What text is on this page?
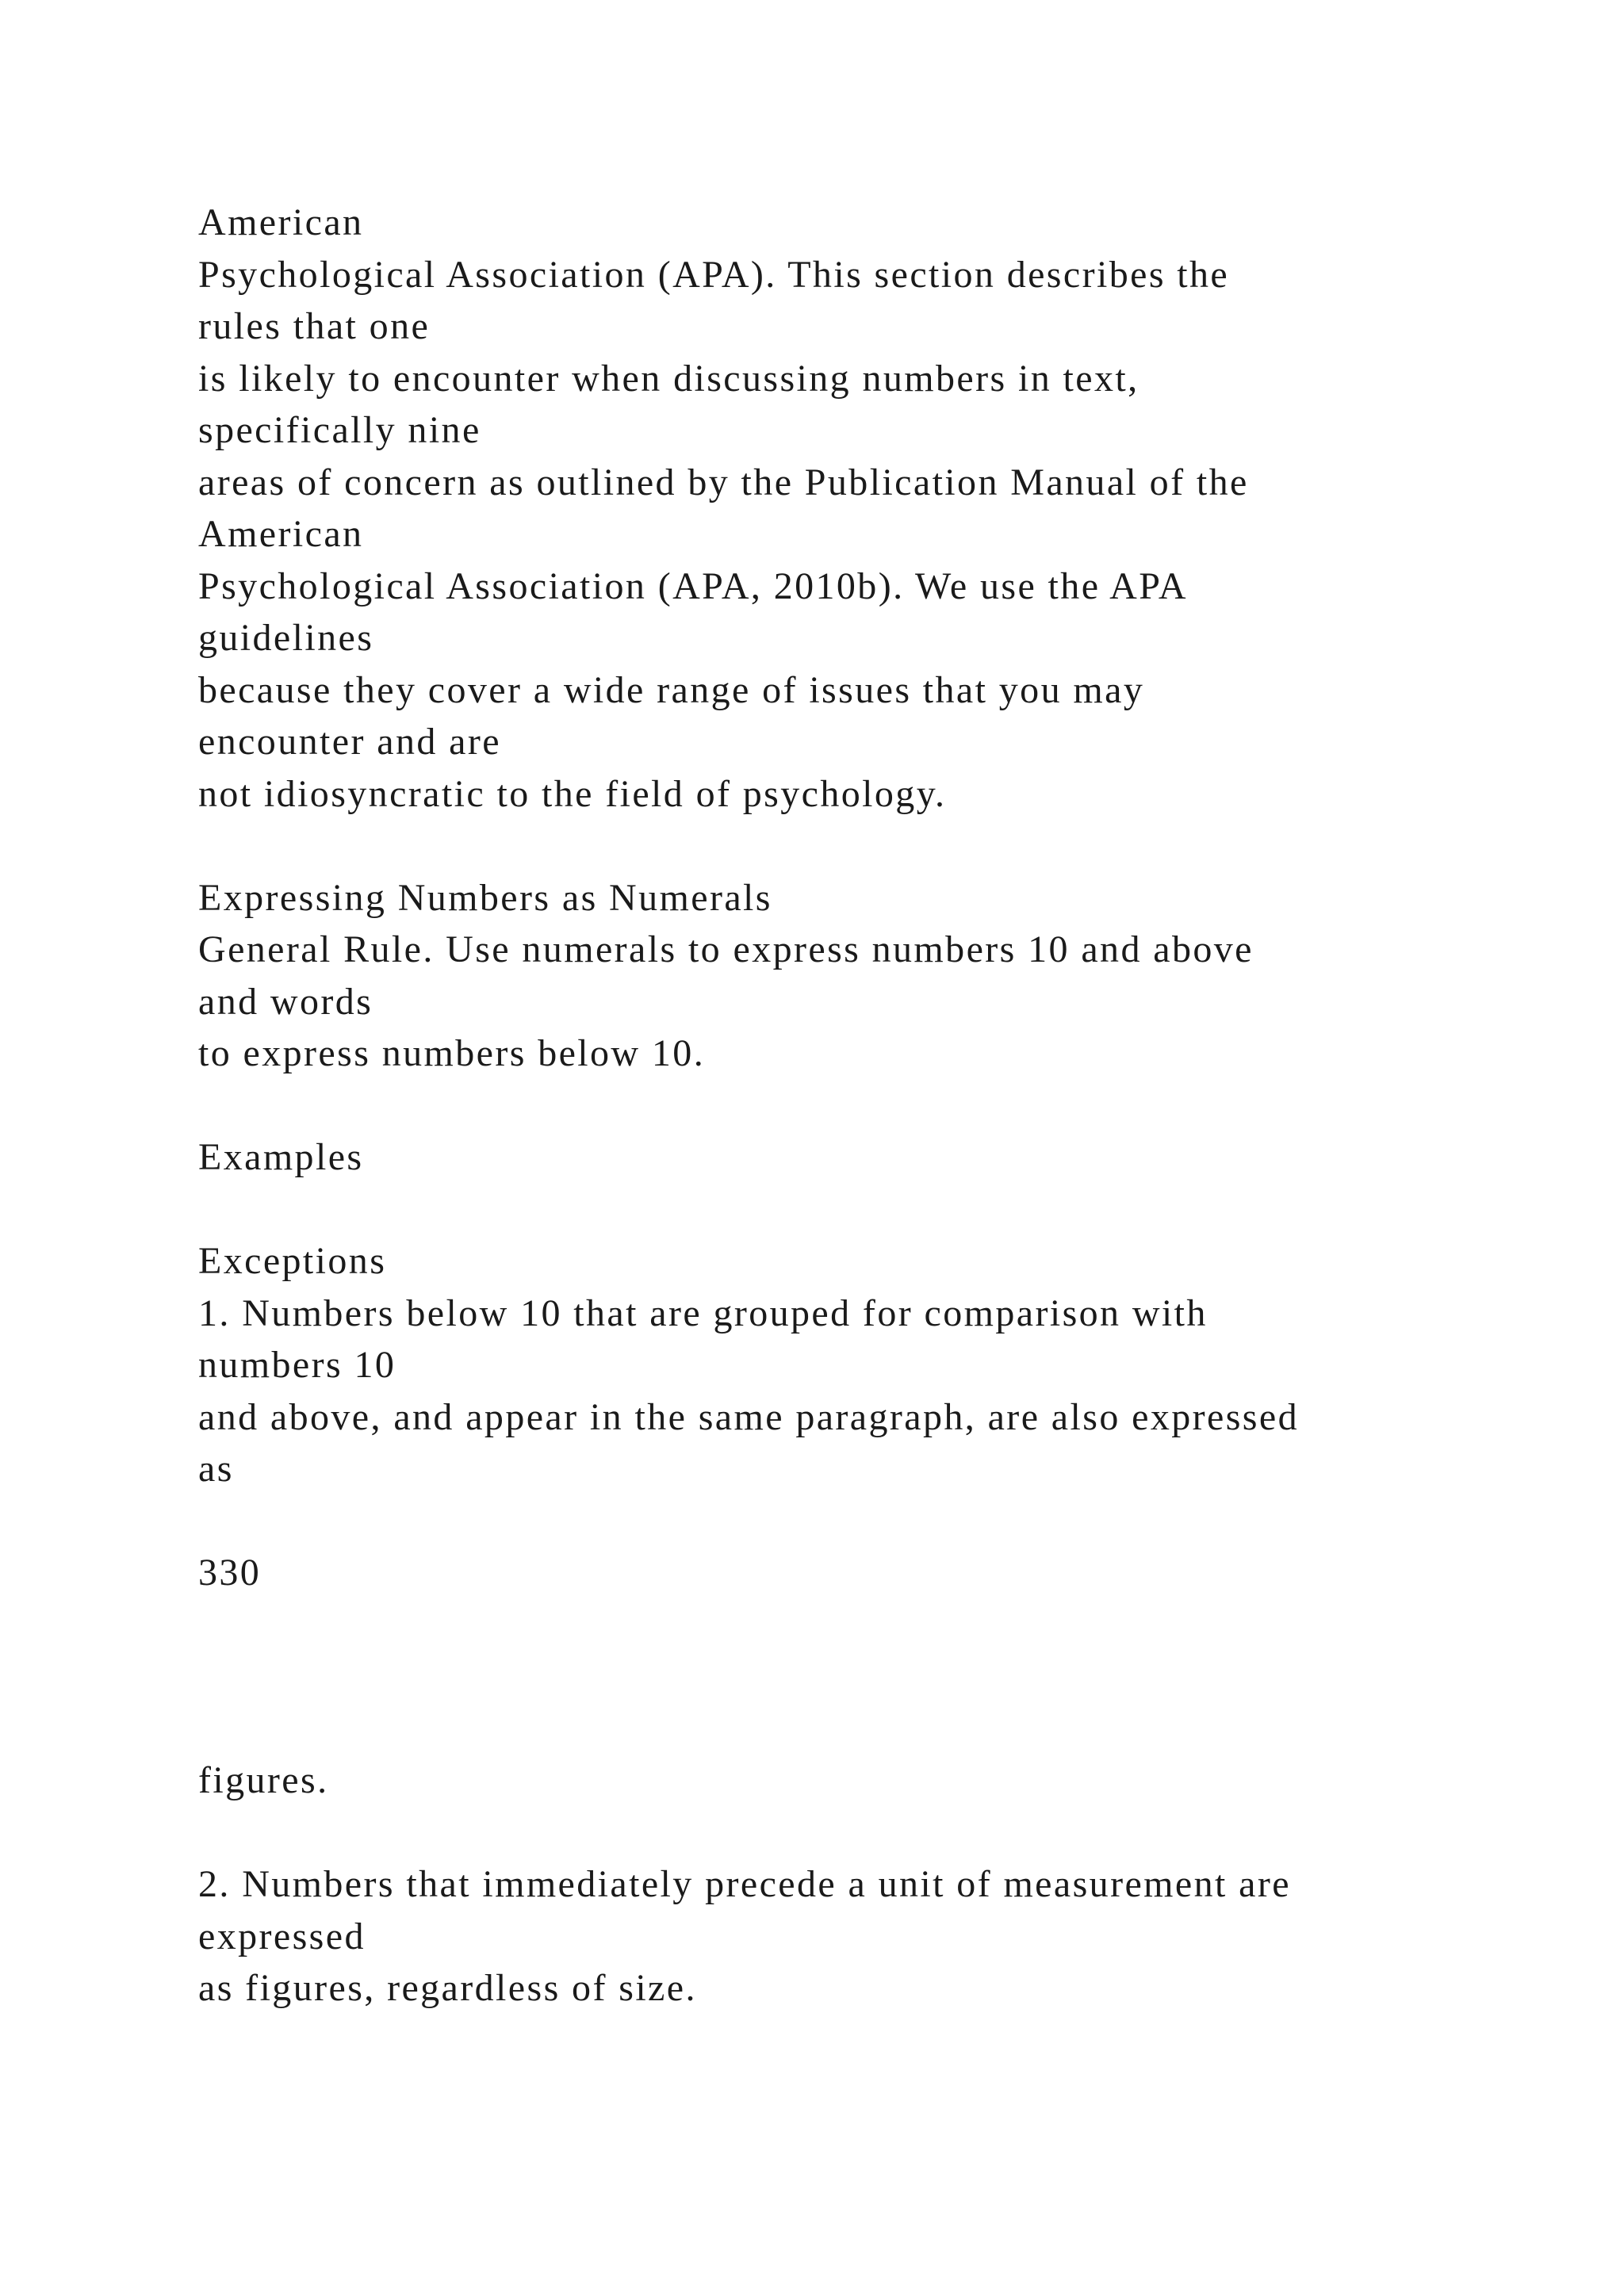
American
Psychological Association (APA). This section describes the
rules that one
is likely to encounter when discussing numbers in text,
specifically nine
areas of concern as outlined by the Publication Manual of the
American
Psychological Association (APA, 2010b). We use the APA
guidelines
because they cover a wide range of issues that you may
encounter and are
not idiosyncratic to the field of psychology.
Expressing Numbers as Numerals
General Rule. Use numerals to express numbers 10 and above
and words
to express numbers below 10.
Examples
Exceptions
1. Numbers below 10 that are grouped for comparison with
numbers 10
and above, and appear in the same paragraph, are also expressed
as
330
figures.
2. Numbers that immediately precede a unit of measurement are
expressed
as figures, regardless of size.
